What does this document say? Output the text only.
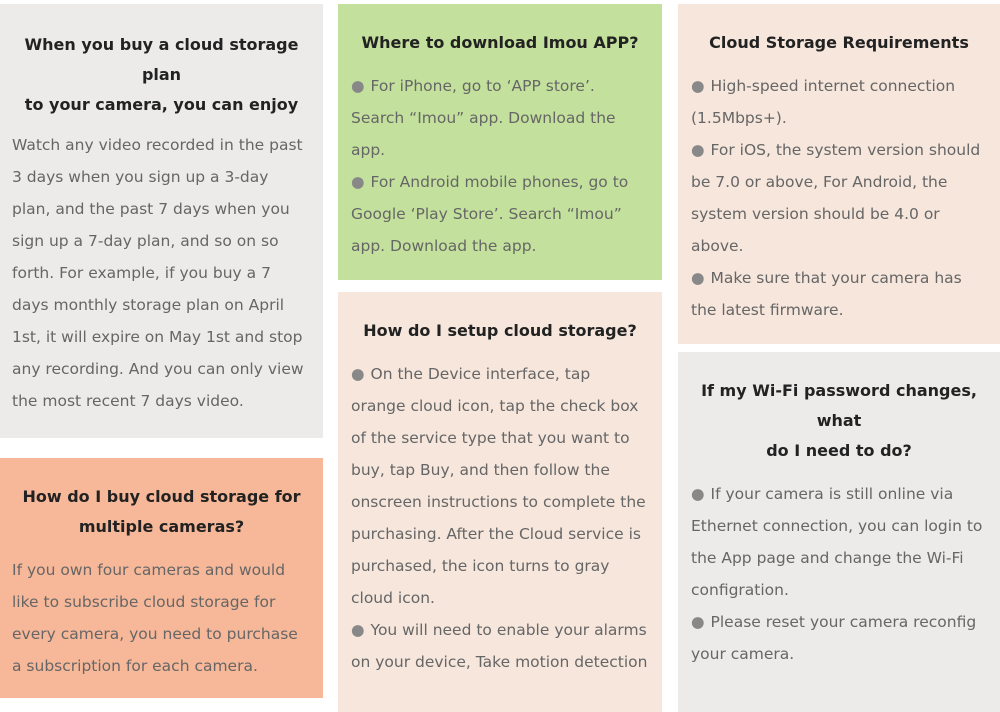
When you buy a cloud storage plan
to your camera, you can enjoy

Watch any video recorded in the past 3 days when you sign up a 3-day plan, and the past 7 days when you sign up a 7-day plan, and so on so forth. For example, if you buy a 7 days monthly storage plan on April 1st, it will expire on May 1st and stop any recording. And you can only view the most recent 7 days video.

How do I buy cloud storage for
multiple cameras?

If you own four cameras and would like to subscribe cloud storage for every camera, you need to purchase a subscription for each camera.

Where to download Imou APP?

● For iPhone, go to ‘APP store’. Search “Imou” app. Download the app.

● For Android mobile phones, go to Google ‘Play Store’. Search “Imou” app. Download the app.

How do I setup cloud storage?

● On the Device interface, tap orange cloud icon, tap the check box of the service type that you want to buy, tap Buy, and then follow the onscreen instructions to complete the purchasing. After the Cloud service is purchased, the icon turns to gray cloud icon.

● You will need to enable your alarms on your device, Take motion detection

Cloud Storage Requirements

● High-speed internet connection (1.5Mbps+).

● For iOS, the system version should be 7.0 or above, For Android, the system version should be 4.0 or above.

● Make sure that your camera has the latest firmware.

If my Wi-Fi password changes, what
do I need to do?

● If your camera is still online via Ethernet connection, you can login to the App page and change the Wi-Fi configration.

● Please reset your camera reconfig your camera.
